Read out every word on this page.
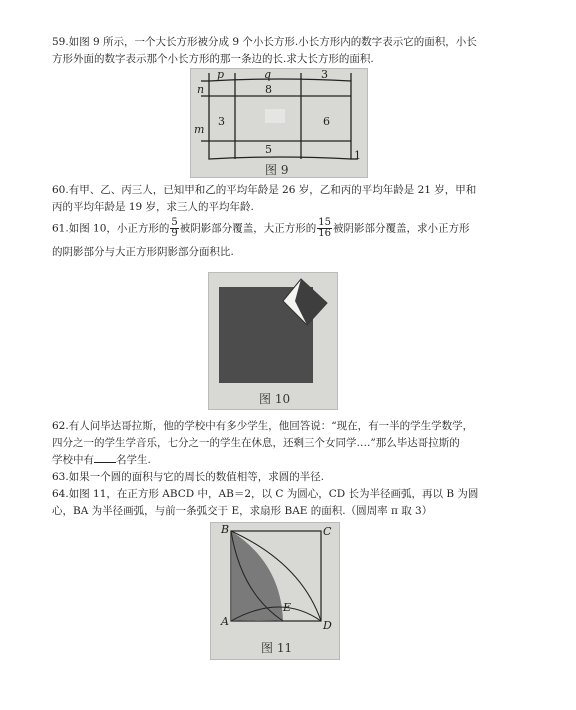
59.如图 9 所示，一个大长方形被分成 9 个小长方形.小长方形内的数字表示它的面积，小长
方形外面的数字表示那个小长方形的那一条边的长.求大长方形的面积.
p	q	3
n
m
8
3	6
5	1
图 9
60.有甲、乙、丙三人，已知甲和乙的平均年龄是 26 岁，乙和丙的平均年龄是 21 岁，甲和
丙的平均年龄是 19 岁，求三人的平均年龄.
61.如图 10，小正方形的 $\frac{5}{9}$ 被阴影部分覆盖，大正方形的 $\frac{15}{16}$ 被阴影部分覆盖，求小正方形
的阴影部分与大正方形阴影部分面积比.
图 10
62.有人问毕达哥拉斯，他的学校中有多少学生，他回答说：“现在，有一半的学生学数学，
四分之一的学生学音乐，七分之一的学生在休息，还剩三个女同学….”那么毕达哥拉斯的
学校中有 名学生.
63.如果一个圆的面积与它的周长的数值相等，求圆的半径.
64.如图 11，在正方形 ABCD 中，AB＝2，以 C 为圆心，CD 长为半径画弧，再以 B 为圆
心，BA 为半径画弧，与前一条弧交于 E，求扇形 BAE 的面积.（圆周率 π 取 3）
B	C
A	D
E
图 11
